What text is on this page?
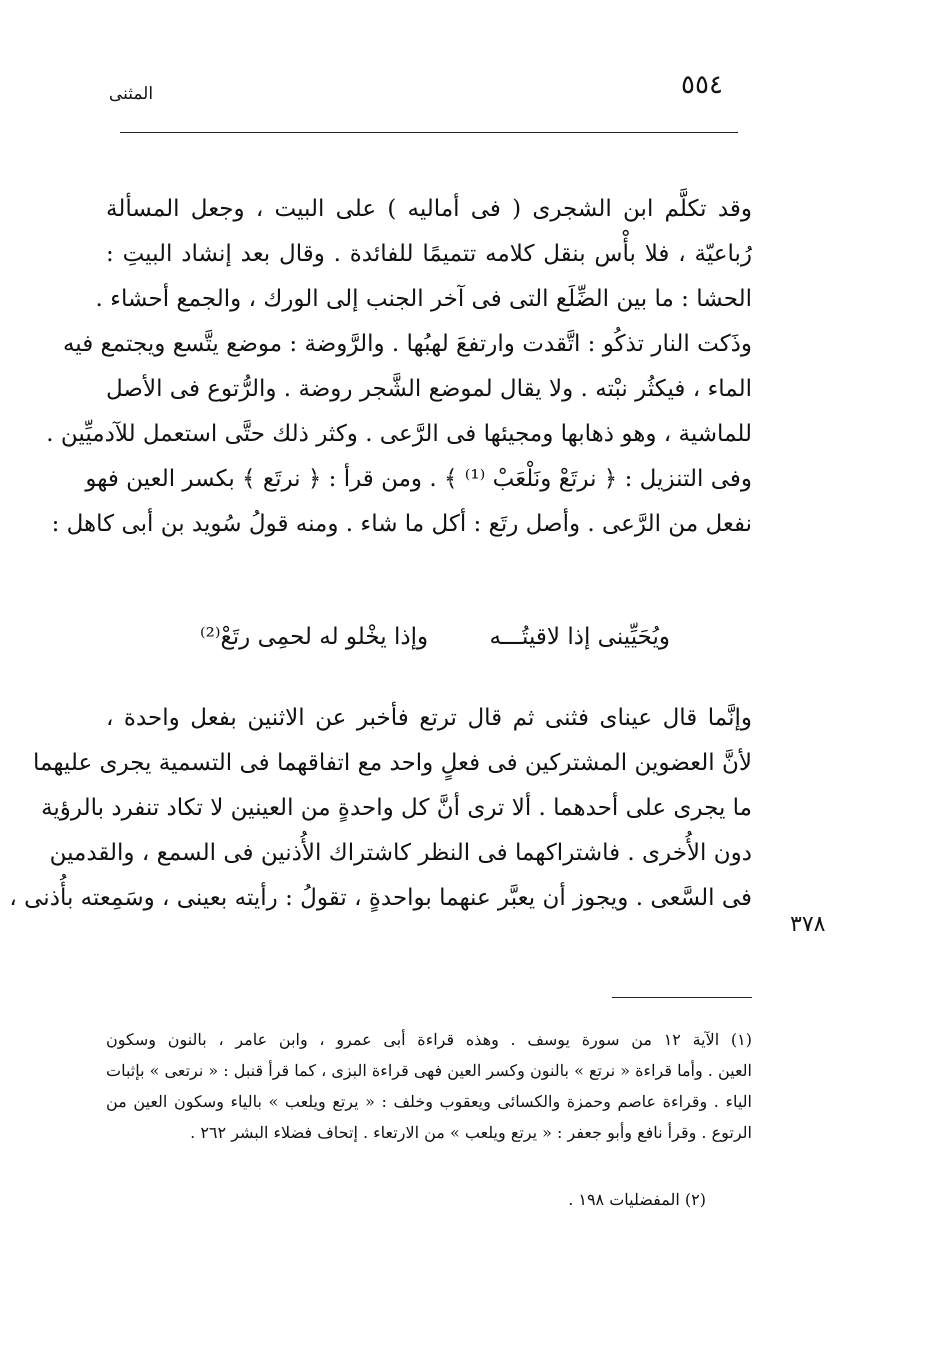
٥٥٤
المثنى
وقد تكلَّم ابن الشجرى ( فى أماليه ) على البيت ، وجعل المسألة
رُباعيّة ، فلا بأْس بنقل كلامه تتميمًا للفائدة . وقال بعد إنشاد البيتِ :
الحشا : ما بين الضِّلَع التى فى آخر الجنب إلى الورك ، والجمع أحشاء .
وذَكت النار تذكُو : اتَّقدت وارتفعَ لهبُها . والرَّوضة : موضع يتَّسع ويجتمع فيه
الماء ، فيكثُر نبْته . ولا يقال لموضع الشَّجر روضة . والرُّتوع فى الأصل
للماشية ، وهو ذهابها ومجيئها فى الرَّعى . وكثر ذلك حتَّى استعمل للآدميِّين .
وفى التنزيل : ﴿ نرتَعْ ونَلْعَبْ ⁽¹⁾ ﴾ . ومن قرأ : ﴿ نرتَع ﴾ بكسر العين فهو
نفعل من الرَّعى . وأصل رتَع : أكل ما شاء . ومنه قولُ سُويد بن أبى كاهل :
ويُحَيِّينى إذا لاقيتُـــه
وإذا يخْلو له لحمِى رتَعْ⁽²⁾
وإنَّما قال عيناى فثنى ثم قال ترتع فأخبر عن الاثنين بفعل واحدة ،
لأنَّ العضوين المشتركين فى فعلٍ واحد مع اتفاقهما فى التسمية يجرى عليهما
ما يجرى على أحدهما . ألا ترى أنَّ كل واحدةٍ من العينين لا تكاد تنفرد بالرؤية
دون الأُخرى . فاشتراكهما فى النظر كاشتراك الأُذنين فى السمع ، والقدمين
فى السَّعى . ويجوز أن يعبَّر عنهما بواحدةٍ ، تقولُ : رأيته بعينى ، وسَمِعته بأُذنى ،
٣٧٨
(١) الآية ١٢ من سورة يوسف . وهذه قراءة أبى عمرو ، وابن عامر ، بالنون وسكون
العين . وأما قراءة « نرتع » بالنون وكسر العين فهى قراءة البزى ، كما قرأ قنبل : « نرتعى » بإثبات
الياء . وقراءة عاصم وحمزة والكسائى ويعقوب وخلف : « يرتع ويلعب » بالياء وسكون العين من
الرتوع . وقرأ نافع وأبو جعفر : « يرتع ويلعب » من الارتعاء . إتحاف فضلاء البشر ٢٦٢ .
(٢) المفضليات ١٩٨ .
